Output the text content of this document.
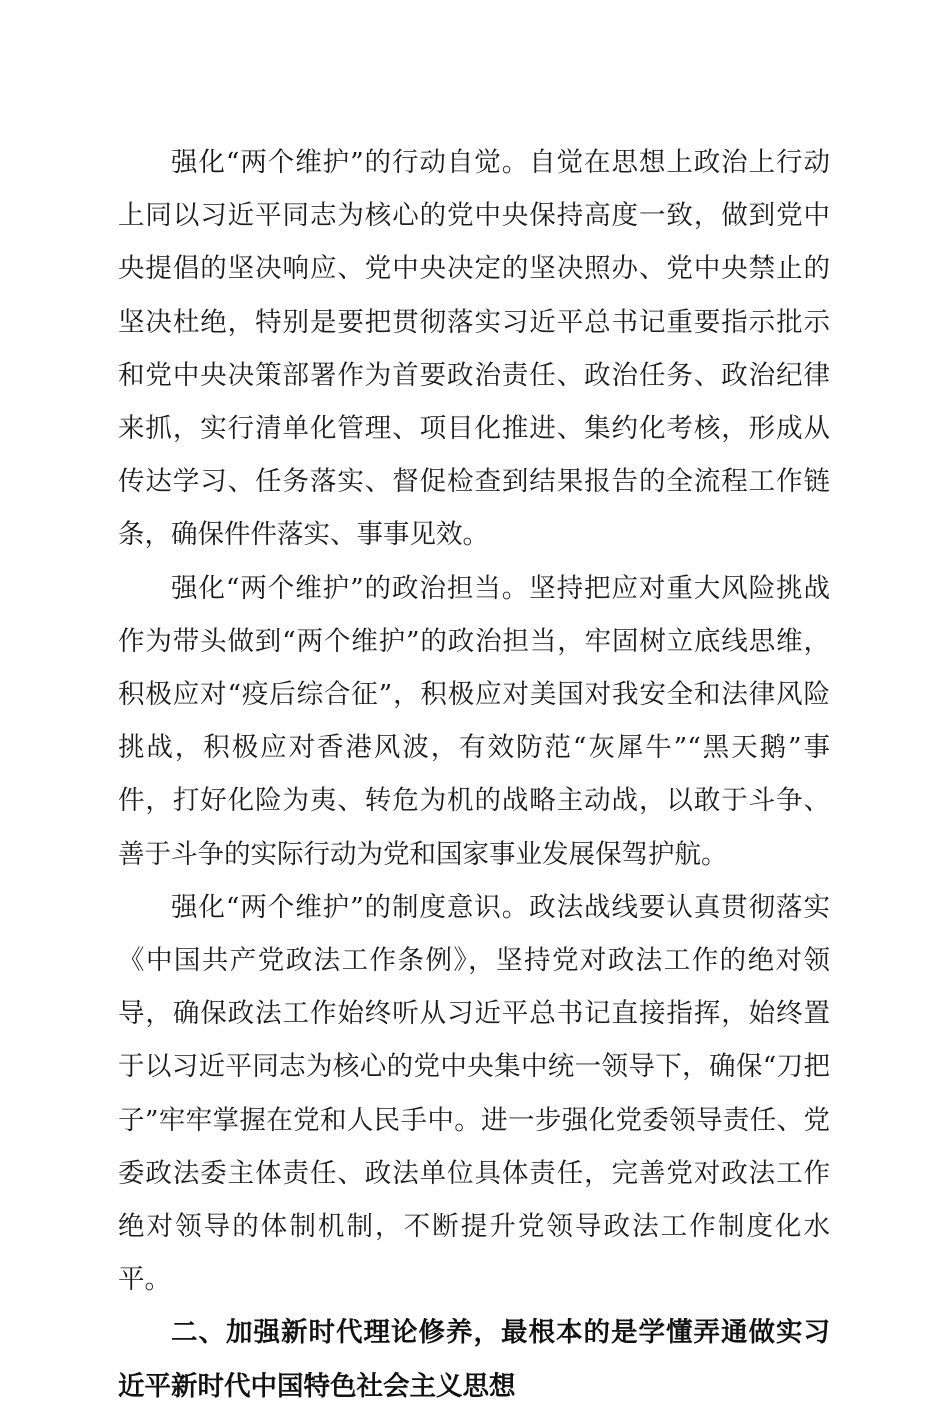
强化“两个维护”的行动自觉。自觉在思想上政治上行动上同以习近平同志为核心的党中央保持高度一致，做到党中央提倡的坚决响应、党中央决定的坚决照办、党中央禁止的坚决杜绝，特别是要把贯彻落实习近平总书记重要指示批示和党中央决策部署作为首要政治责任、政治任务、政治纪律来抓，实行清单化管理、项目化推进、集约化考核，形成从传达学习、任务落实、督促检查到结果报告的全流程工作链条，确保件件落实、事事见效。

强化“两个维护”的政治担当。坚持把应对重大风险挑战作为带头做到“两个维护”的政治担当，牢固树立底线思维，积极应对“疫后综合征”，积极应对美国对我安全和法律风险挑战，积极应对香港风波，有效防范“灰犀牛”“黑天鹅”事件，打好化险为夷、转危为机的战略主动战，以敢于斗争、善于斗争的实际行动为党和国家事业发展保驾护航。

强化“两个维护”的制度意识。政法战线要认真贯彻落实《中国共产党政法工作条例》，坚持党对政法工作的绝对领导，确保政法工作始终听从习近平总书记直接指挥，始终置于以习近平同志为核心的党中央集中统一领导下，确保“刀把子”牢牢掌握在党和人民手中。进一步强化党委领导责任、党委政法委主体责任、政法单位具体责任，完善党对政法工作绝对领导的体制机制，不断提升党领导政法工作制度化水平。

二、加强新时代理论修养，最根本的是学懂弄通做实习近平新时代中国特色社会主义思想
